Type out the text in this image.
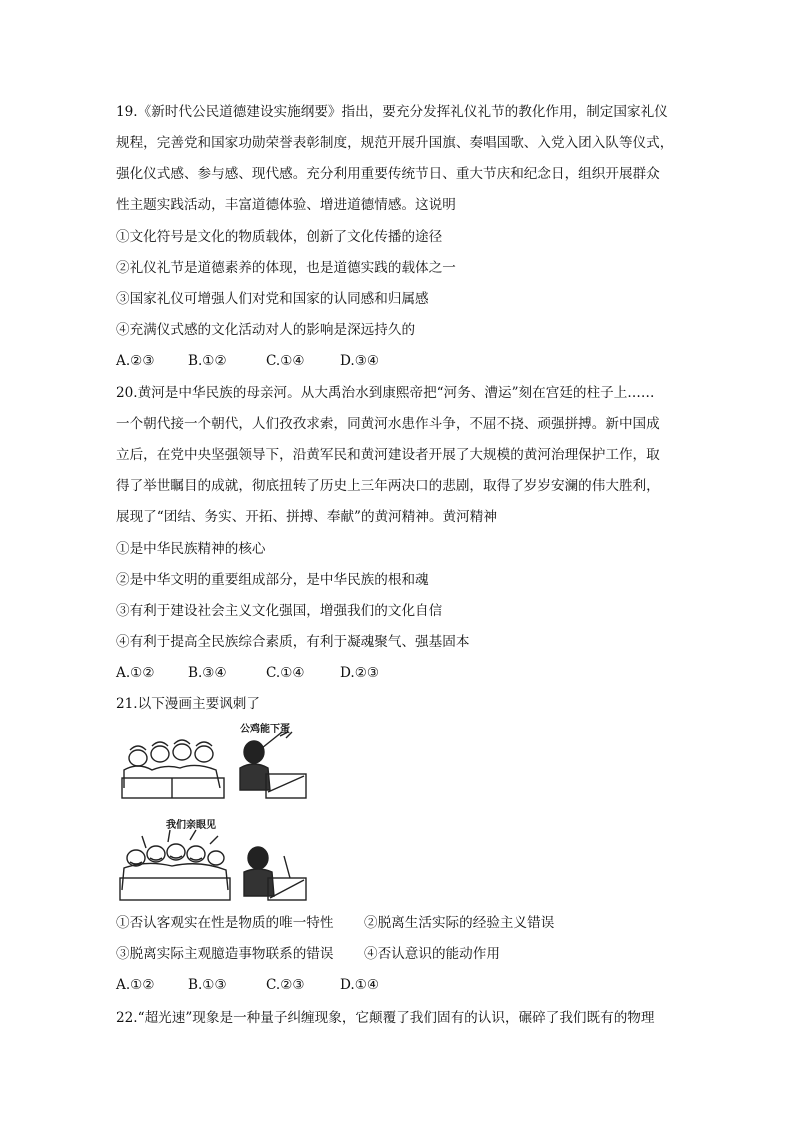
19.《新时代公民道德建设实施纲要》指出，要充分发挥礼仪礼节的教化作用，制定国家礼仪
规程，完善党和国家功勋荣誉表彰制度，规范开展升国旗、奏唱国歌、入党入团入队等仪式，
强化仪式感、参与感、现代感。充分利用重要传统节日、重大节庆和纪念日，组织开展群众
性主题实践活动，丰富道德体验、增进道德情感。这说明
①文化符号是文化的物质载体，创新了文化传播的途径
②礼仪礼节是道德素养的体现，也是道德实践的载体之一
③国家礼仪可增强人们对党和国家的认同感和归属感
④充满仪式感的文化活动对人的影响是深远持久的
A.②③ B.①②	C.①④	D.③④
20.黄河是中华民族的母亲河。从大禹治水到康熙帝把“河务、漕运”刻在宫廷的柱子上……
一个朝代接一个朝代，人们孜孜求索，同黄河水患作斗争，不屈不挠、顽强拼搏。新中国成
立后，在党中央坚强领导下，沿黄军民和黄河建设者开展了大规模的黄河治理保护工作，取
得了举世瞩目的成就，彻底扭转了历史上三年两决口的悲剧，取得了岁岁安澜的伟大胜利，
展现了“团结、务实、开拓、拼搏、奉献”的黄河精神。黄河精神
①是中华民族精神的核心
②是中华文明的重要组成部分，是中华民族的根和魂
③有利于建设社会主义文化强国，增强我们的文化自信
④有利于提高全民族综合素质，有利于凝魂聚气、强基固本
A.①② B.③④	C.①④	D.②③
21.以下漫画主要讽刺了
公鸡能下蛋
我们亲眼见
①否认客观实在性是物质的唯一特性 ②脱离生活实际的经验主义错误
③脱离实际主观臆造事物联系的错误 ④否认意识的能动作用
A.①② B.①③	C.②③	D.①④
22.“超光速”现象是一种量子纠缠现象，它颠覆了我们固有的认识，碾碎了我们既有的物理
